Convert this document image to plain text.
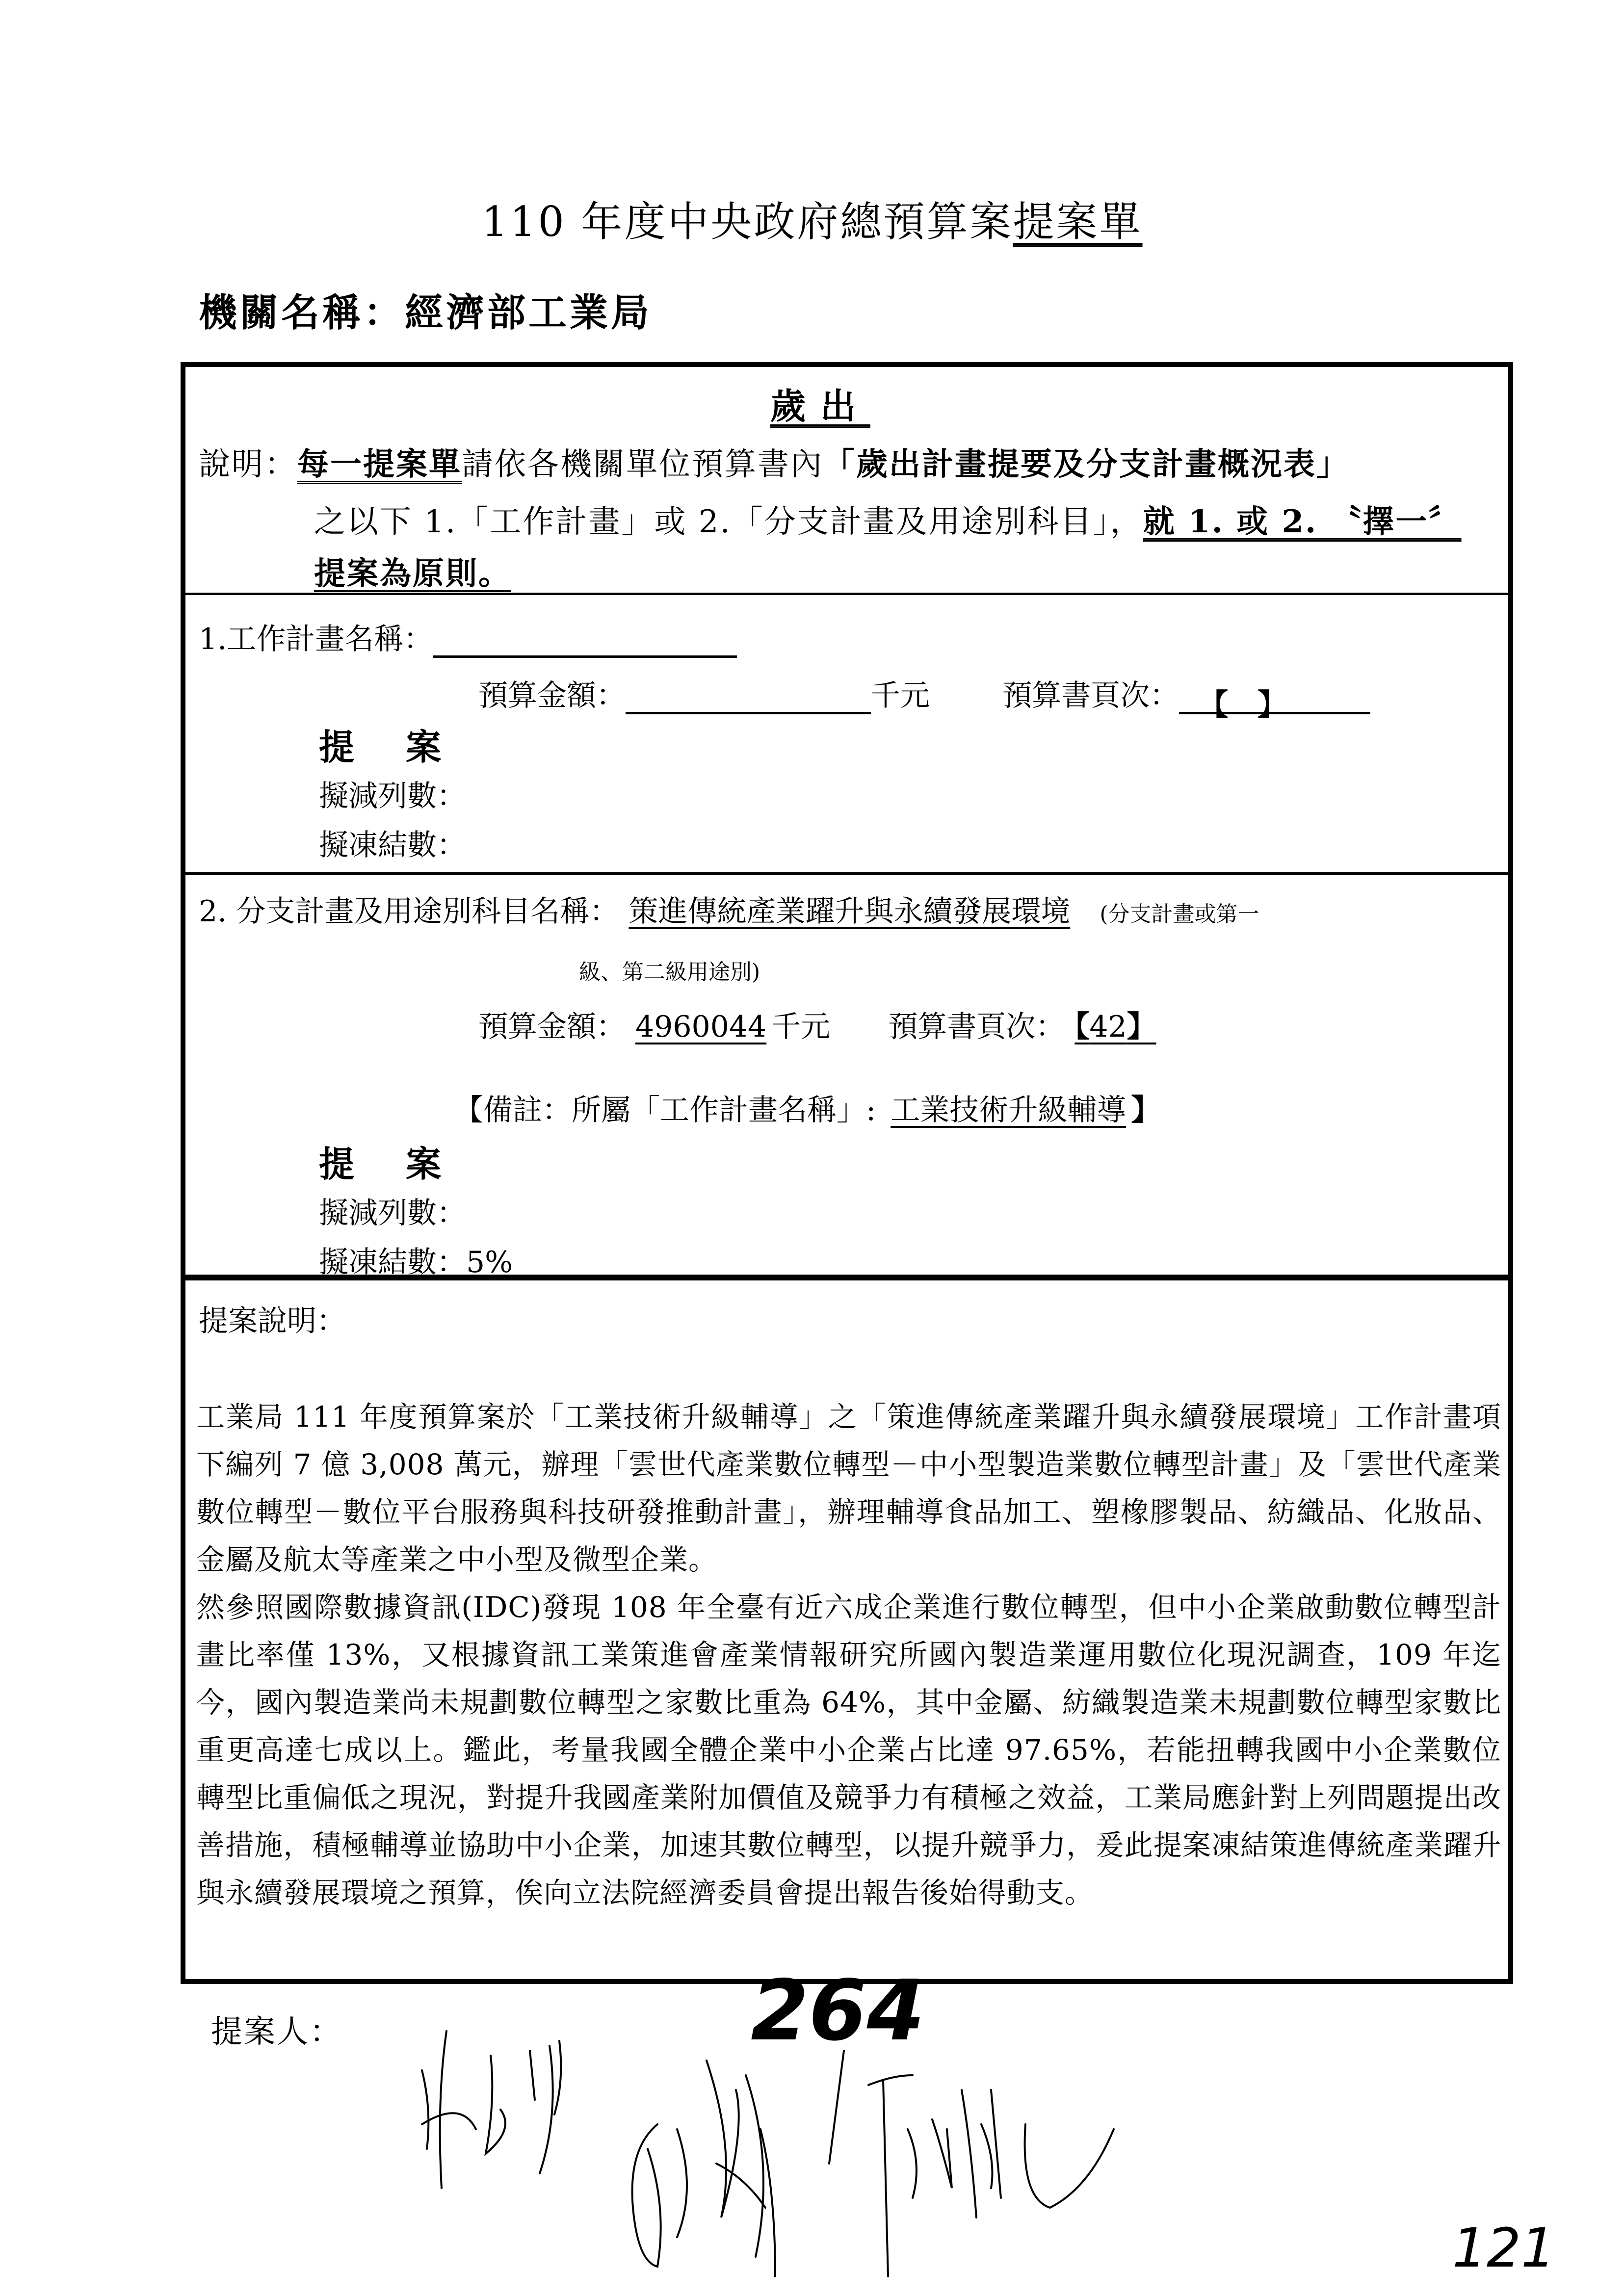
110 年度中央政府總預算案提案單
機關名稱：經濟部工業局
歲出
說明：每一提案單請依各機關單位預算書內「歲出計畫提要及分支計畫概況表」
之以下 1.「工作計畫」或 2.「分支計畫及用途別科目」，就 1. 或 2. 〝擇一〞
提案為原則。
1.工作計畫名稱：
預算金額：	千元 預算書頁次： 【 】
提 案
擬減列數：
擬凍結數：
2. 分支計畫及用途別科目名稱： 策進傳統產業躍升與永續發展環境 (分支計畫或第一
級、第二級用途別)
預算金額： 4960044 千元 預算書頁次： 【42】
【備註：所屬「工作計畫名稱」: 工業技術升級輔導 】
提 案
擬減列數：
擬凍結數：5%
提案說明：

工業局 111 年度預算案於「工業技術升級輔導」之「策進傳統產業躍升與永續發展環境」工作計畫項下編列 7 億 3,008 萬元，辦理「雲世代產業數位轉型－中小型製造業數位轉型計畫」及「雲世代產業數位轉型－數位平台服務與科技研發推動計畫」，辦理輔導食品加工、塑橡膠製品、紡織品、化妝品、金屬及航太等產業之中小型及微型企業。

然參照國際數據資訊(IDC)發現 108 年全臺有近六成企業進行數位轉型，但中小企業啟動數位轉型計畫比率僅 13%，又根據資訊工業策進會產業情報研究所國內製造業運用數位化現況調查，109 年迄今，國內製造業尚未規劃數位轉型之家數比重為 64%，其中金屬、紡織製造業未規劃數位轉型家數比重更高達七成以上。鑑此，考量我國全體企業中小企業占比達 97.65%，若能扭轉我國中小企業數位轉型比重偏低之現況，對提升我國產業附加價值及競爭力有積極之效益，工業局應針對上列問題提出改善措施，積極輔導並協助中小企業，加速其數位轉型，以提升競爭力，爰此提案凍結策進傳統產業躍升與永續發展環境之預算，俟向立法院經濟委員會提出報告後始得動支。

提案人：	264
121
